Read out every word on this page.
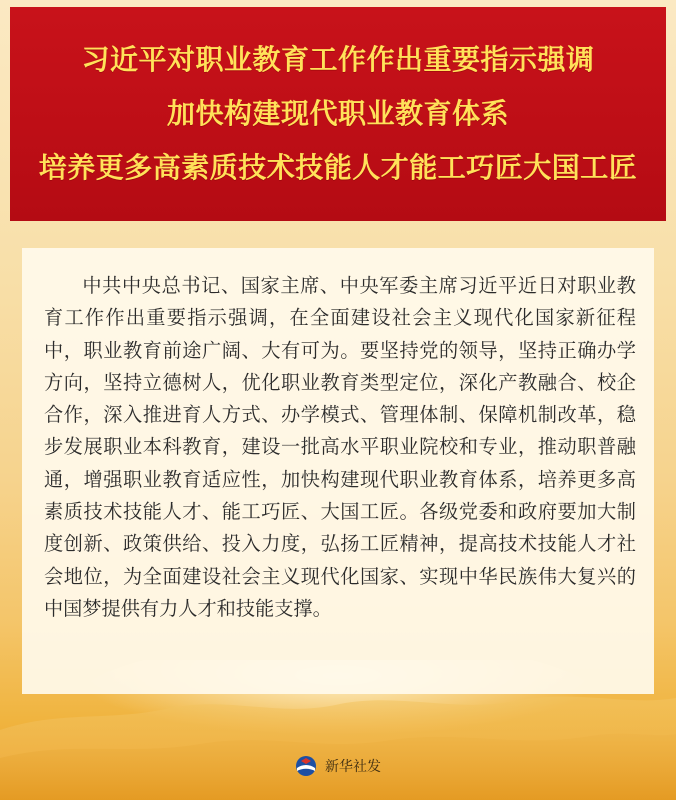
习近平对职业教育工作作出重要指示强调
加快构建现代职业教育体系
培养更多高素质技术技能人才能工巧匠大国工匠

中共中央总书记、国家主席、中央军委主席习近平近日对职业教育工作作出重要指示强调，在全面建设社会主义现代化国家新征程中，职业教育前途广阔、大有可为。要坚持党的领导，坚持正确办学方向，坚持立德树人，优化职业教育类型定位，深化产教融合、校企合作，深入推进育人方式、办学模式、管理体制、保障机制改革，稳步发展职业本科教育，建设一批高水平职业院校和专业，推动职普融通，增强职业教育适应性，加快构建现代职业教育体系，培养更多高素质技术技能人才、能工巧匠、大国工匠。各级党委和政府要加大制度创新、政策供给、投入力度，弘扬工匠精神，提高技术技能人才社会地位，为全面建设社会主义现代化国家、实现中华民族伟大复兴的中国梦提供有力人才和技能支撑。

新华社发
